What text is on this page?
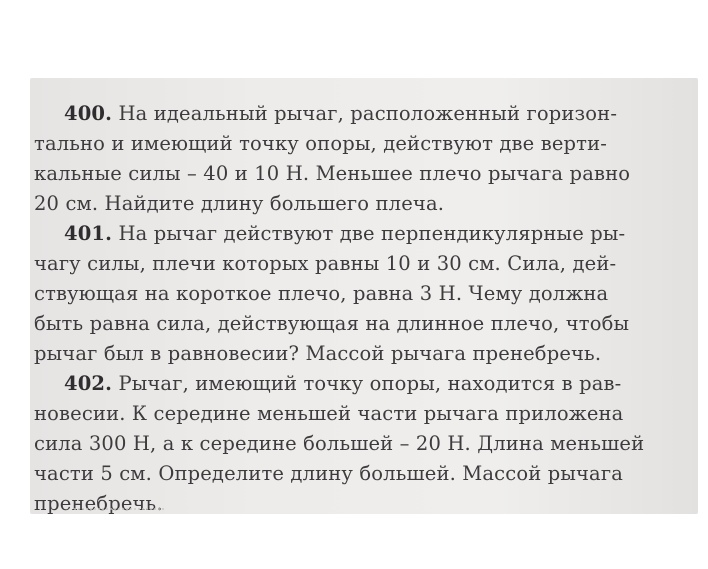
400. На идеальный рычаг, расположенный горизон-
тально и имеющий точку опоры, действуют две верти-
кальные силы – 40 и 10 Н. Меньшее плечо рычага равно
20 см. Найдите длину большего плеча.
401. На рычаг действуют две перпендикулярные ры-
чагу силы, плечи которых равны 10 и 30 см. Сила, дей-
ствующая на короткое плечо, равна 3 Н. Чему должна
быть равна сила, действующая на длинное плечо, чтобы
рычаг был в равновесии? Массой рычага пренебречь.
402. Рычаг, имеющий точку опоры, находится в рав-
новесии. К середине меньшей части рычага приложена
сила 300 Н, а к середине большей – 20 Н. Длина меньшей
части 5 см. Определите длину большей. Массой рычага
пренебречь.
